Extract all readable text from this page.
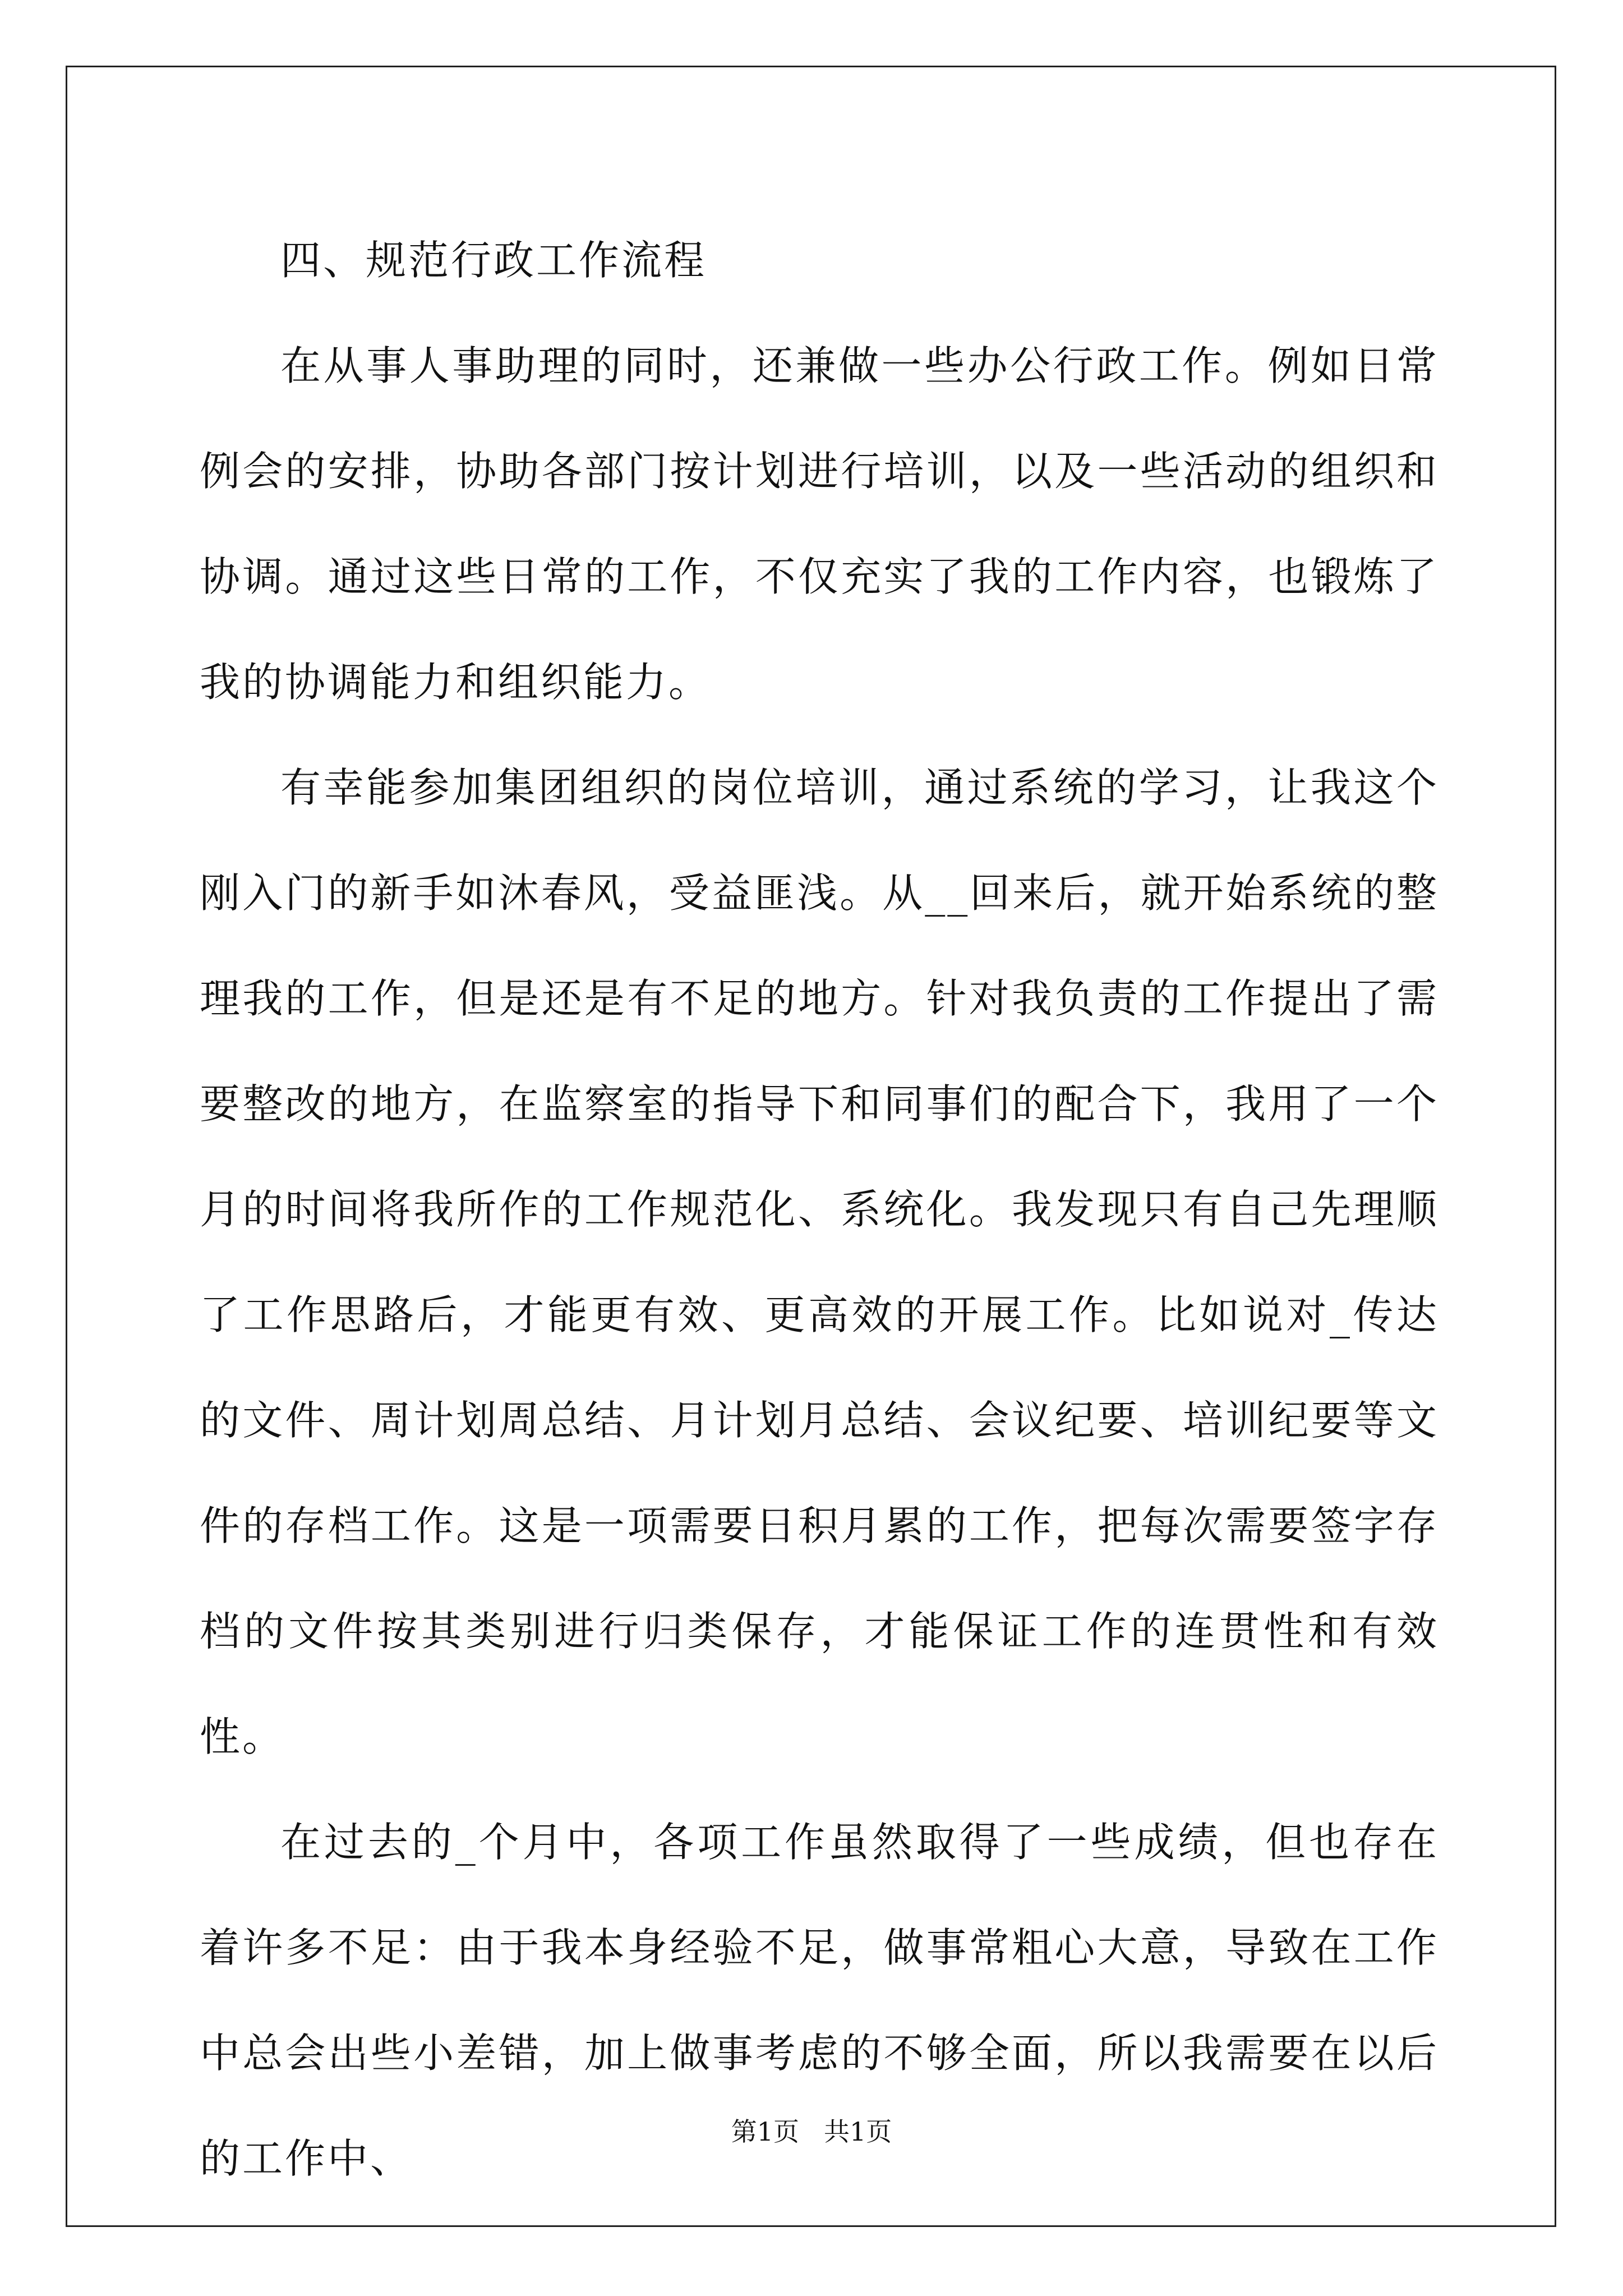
四、规范行政工作流程

在从事人事助理的同时，还兼做一些办公行政工作。例如日常例会的安排，协助各部门按计划进行培训，以及一些活动的组织和协调。通过这些日常的工作，不仅充实了我的工作内容，也锻炼了我的协调能力和组织能力。

有幸能参加集团组织的岗位培训，通过系统的学习，让我这个刚入门的新手如沐春风，受益匪浅。从__回来后，就开始系统的整理我的工作，但是还是有不足的地方。针对我负责的工作提出了需要整改的地方，在监察室的指导下和同事们的配合下，我用了一个月的时间将我所作的工作规范化、系统化。我发现只有自己先理顺了工作思路后，才能更有效、更高效的开展工作。比如说对_传达的文件、周计划周总结、月计划月总结、会议纪要、培训纪要等文件的存档工作。这是一项需要日积月累的工作，把每次需要签字存档的文件按其类别进行归类保存，才能保证工作的连贯性和有效性。

在过去的_个月中，各项工作虽然取得了一些成绩，但也存在着许多不足：由于我本身经验不足，做事常粗心大意，导致在工作中总会出些小差错，加上做事考虑的不够全面，所以我需要在以后的工作中、

第1页 共1页
